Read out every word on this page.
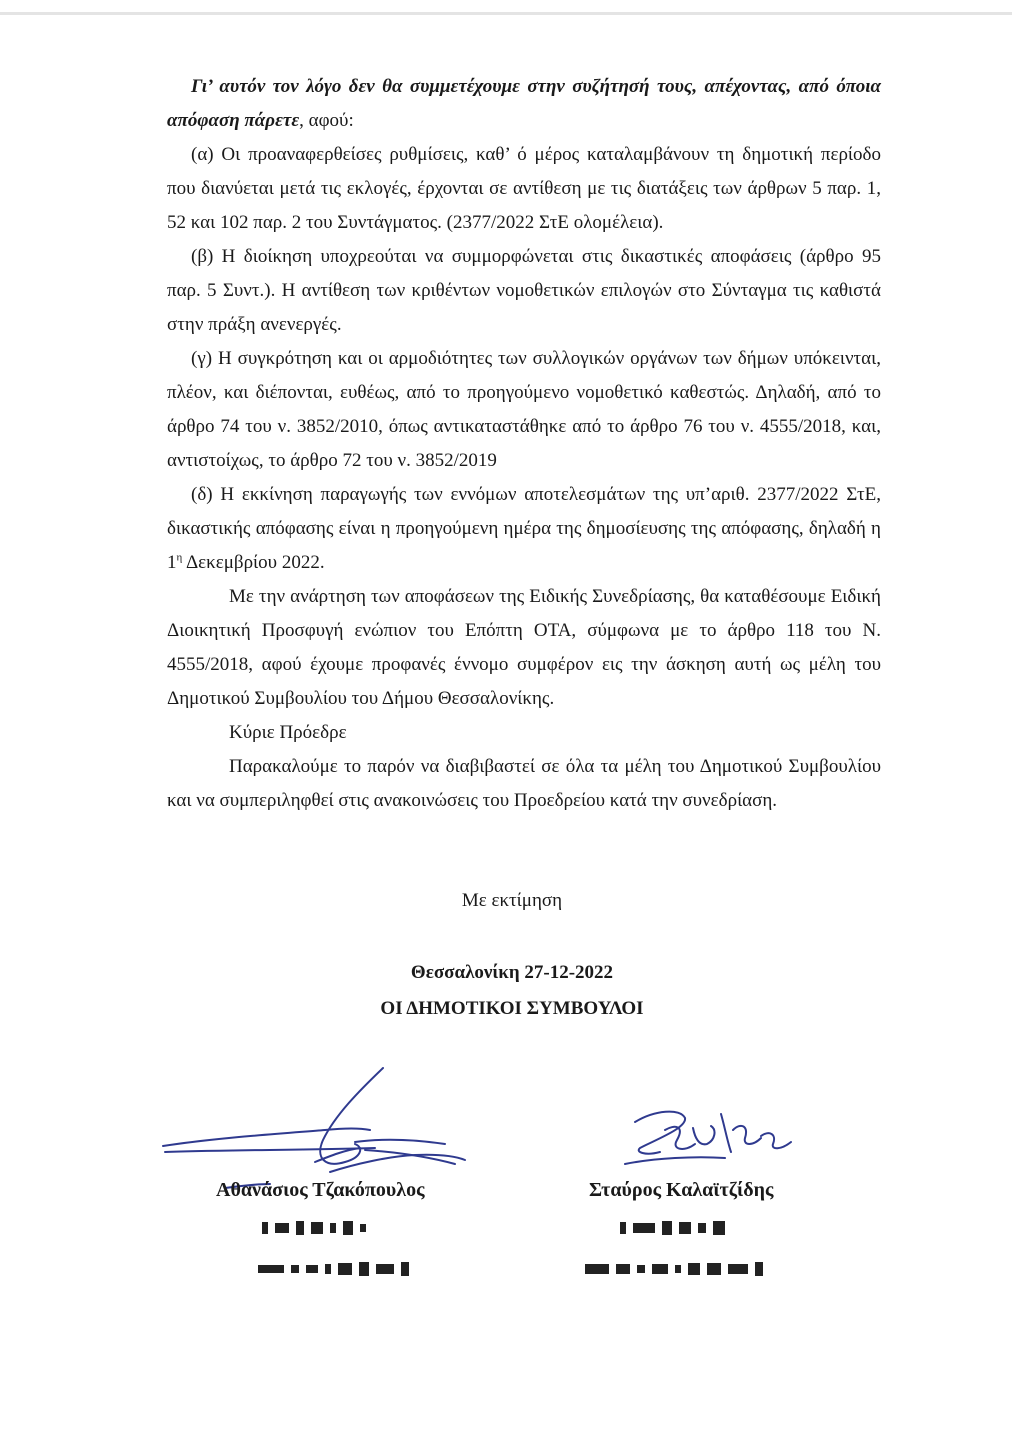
Γι’ αυτόν τον λόγο δεν θα συμμετέχουμε στην συζήτησή τους, απέχοντας, από όποια απόφαση πάρετε, αφού:

(α) Οι προαναφερθείσες ρυθμίσεις, καθ’ ό μέρος καταλαμβάνουν τη δημοτική περίοδο που διανύεται μετά τις εκλογές, έρχονται σε αντίθεση με τις διατάξεις των άρθρων 5 παρ. 1, 52 και 102 παρ. 2 του Συντάγματος. (2377/2022 ΣτΕ ολομέλεια).

(β) Η διοίκηση υποχρεούται να συμμορφώνεται στις δικαστικές αποφάσεις (άρθρο 95 παρ. 5 Συντ.). Η αντίθεση των κριθέντων νομοθετικών επιλογών στο Σύνταγμα τις καθιστά στην πράξη ανενεργές.

(γ) Η συγκρότηση και οι αρμοδιότητες των συλλογικών οργάνων των δήμων υπόκεινται, πλέον, και διέπονται, ευθέως, από το προηγούμενο νομοθετικό καθεστώς. Δηλαδή, από το άρθρο 74 του ν. 3852/2010, όπως αντικαταστάθηκε από το άρθρο 76 του ν. 4555/2018, και, αντιστοίχως, το άρθρο 72 του ν. 3852/2019

(δ) Η εκκίνηση παραγωγής των εννόμων αποτελεσμάτων της υπ’αριθ. 2377/2022 ΣτΕ, δικαστικής απόφασης είναι η προηγούμενη ημέρα της δημοσίευσης της απόφασης, δηλαδή η $1^\eta$ Δεκεμβρίου 2022.

Με την ανάρτηση των αποφάσεων της Ειδικής Συνεδρίασης, θα καταθέσουμε Ειδική Διοικητική Προσφυγή ενώπιον του Επόπτη ΟΤΑ, σύμφωνα με το άρθρο 118 του Ν. 4555/2018, αφού έχουμε προφανές έννομο συμφέρον εις την άσκηση αυτή ως μέλη του Δημοτικού Συμβουλίου του Δήμου Θεσσαλονίκης.

Κύριε Πρόεδρε

Παρακαλούμε το παρόν να διαβιβαστεί σε όλα τα μέλη του Δημοτικού Συμβουλίου και να συμπεριληφθεί στις ανακοινώσεις του Προεδρείου κατά την συνεδρίαση.

Με εκτίμηση
Θεσσαλονίκη 27-12-2022
ΟΙ ΔΗΜΟΤΙΚΟΙ ΣΥΜΒΟΥΛΟΙ
Αθανάσιος Τζακόπουλος	Σταύρος Καλαϊτζίδης
